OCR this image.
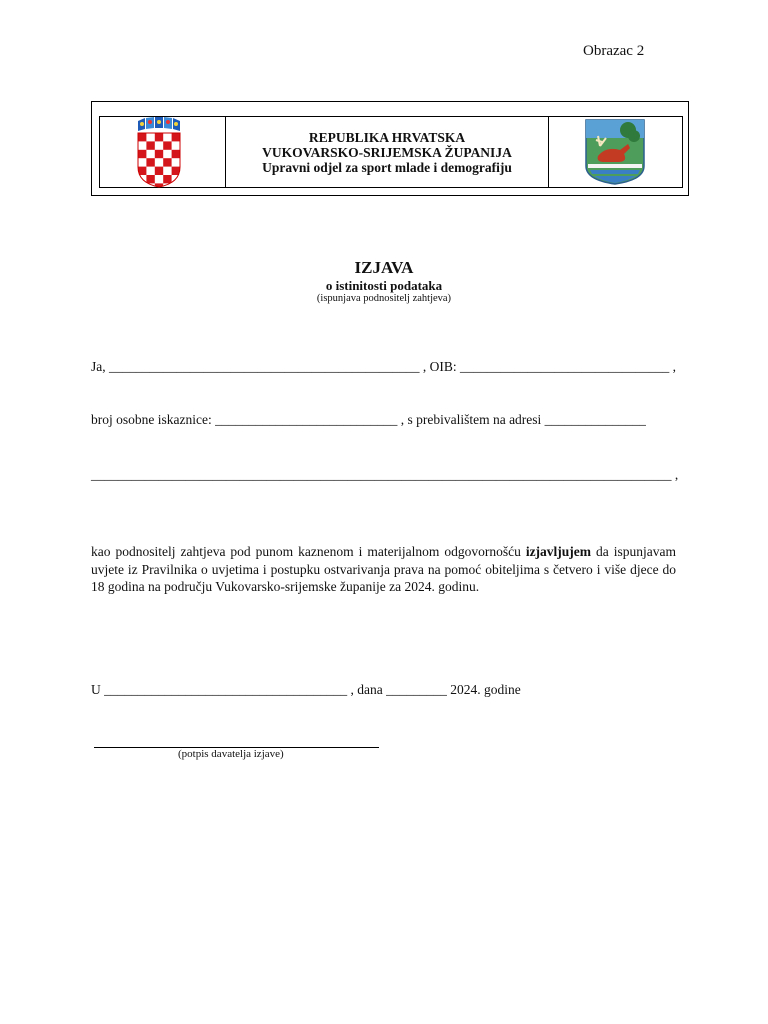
Obrazac 2
REPUBLIKA HRVATSKA
VUKOVARSKO-SRIJEMSKA ŽUPANIJA
Upravni odjel za sport mlade i demografiju
IZJAVA
o istinitosti podataka
(ispunjava podnositelj zahtjeva)
Ja, ______________________________________________ , OIB: _______________________________ ,
broj osobne iskaznice: ___________________________ , s prebivalištem na adresi _______________
______________________________________________________________________________________ ,
kao podnositelj zahtjeva pod punom kaznenom i materijalnom odgovornošću izjavljujem da ispunjavam uvjete iz Pravilnika o uvjetima i postupku ostvarivanja prava na pomoć obiteljima s četvero i više djece do 18 godina na području Vukovarsko-srijemske županije za 2024. godinu.
U ____________________________________ , dana _________ 2024. godine
(potpis davatelja izjave)
